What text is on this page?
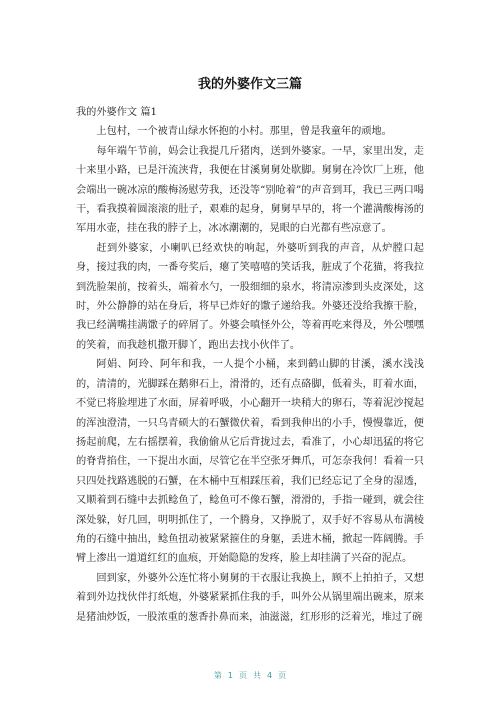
我的外婆作文三篇

我的外婆作文 篇1

上包村，一个被青山绿水怀抱的小村。那里，曾是我童年的顽地。

每年端午节前，妈会让我提几斤猪肉，送到外婆家。一早，家里出发，走十来里小路，已是汗流浃背，我便在甘溪舅舅处歇脚。舅舅在冷饮厂上班，他会端出一碗冰凉的酸梅汤慰劳我，还没等“别呛着”的声音到耳，我已三两口喝干，看我摸着圆滚滚的肚子，艰难的起身，舅舅早早的，将一个灌满酸梅汤的军用水壶，挂在我的脖子上，冰冰潮潮的，晃眼的白光都有些凉意了。

赶到外婆家，小喇叭已经欢快的响起，外婆听到我的声音，从炉膛口起身，接过我的肉，一番夸奖后，瘪了笑嘻嘻的笑话我，脏成了个花猫，将我拉到洗脸架前，按着头，端着水勺，一股细细的泉水，将清凉渗到头皮深处，这时，外公静静的站在身后，将早已炸好的馓子递给我。外婆还没给我擦干脸，我已经满嘴挂满馓子的碎屑了。外婆会嗔怪外公，等着再吃来得及，外公嘿嘿的笑着，而我趁机撒开脚丫，跑出去找小伙伴了。

阿娟、阿玲、阿年和我，一人提个小桶，来到鹤山脚的甘溪，溪水浅浅的，清清的，光脚踩在鹅卵石上，滑滑的，还有点硌脚，低着头，盯着水面，不觉已将脸埋进了水面，屏着呼吸，小心翻开一块稍大的卵石，等着泥沙搅起的浑浊澄清，一只乌青硕大的石蟹微伏着，看到我伸出的小手，慢慢靠近，便扬起前爬，左右摇摆着，我偷偷从它后背拢过去，看准了，小心却迅猛的将它的脊背掐住，一下提出水面，尽管它在半空张牙舞爪，可怎奈我何！看着一只只四处找路逃脱的石蟹，在木桶中互相踩压着，我们已经忘记了全身的湿透，又顺着到石缝中去抓鲶鱼了，鲶鱼可不像石蟹，滑滑的，手指一碰到，就会往深处躲，好几回，明明抓住了，一个腾身，又挣脱了，双手好不容易从布满棱角的石缝中抽出，鲶鱼扭动被紧紧箍住的身躯，丢进木桶，掀起一阵阔腾。手臂上渗出一道道红红的血痕，开始隐隐的发疼，脸上却挂满了兴奋的泥点。

回到家，外婆外公连忙将小舅舅的干衣服让我换上，顾不上拍拍子，又想着到外边找伙伴打纸炮，外婆紧紧抓住我的手，叫外公从锅里端出碗来，原来是猪油炒饭，一股浓重的葱香扑鼻而来，油滋滋，红形形的泛着光，堆过了碗

第 1 页 共 4 页
